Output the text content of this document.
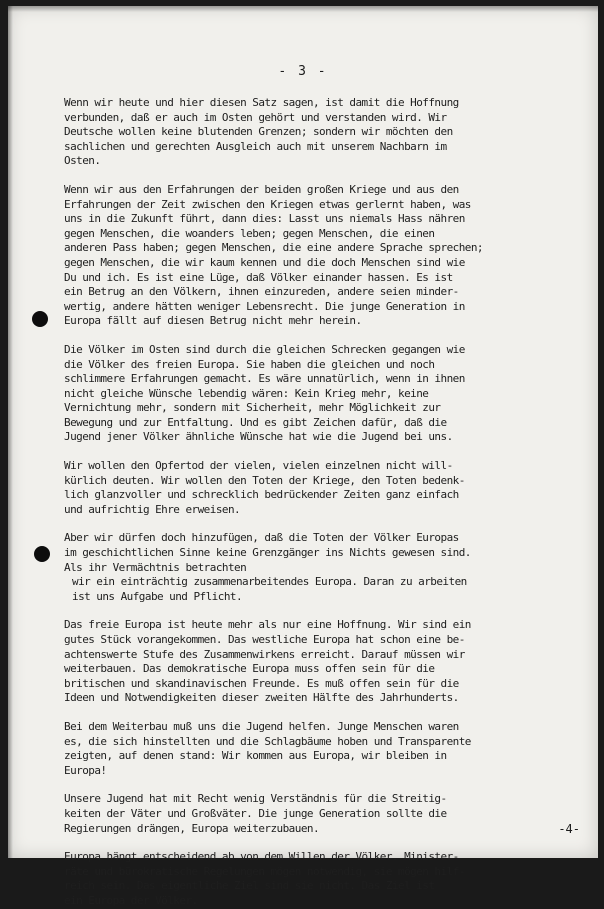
- 3 -
Wenn wir heute und hier diesen Satz sagen, ist damit die Hoffnung
verbunden, daß er auch im Osten gehört und verstanden wird. Wir
Deutsche wollen keine blutenden Grenzen; sondern wir möchten den
sachlichen und gerechten Ausgleich auch mit unserem Nachbarn im
Osten.
Wenn wir aus den Erfahrungen der beiden großen Kriege und aus den
Erfahrungen der Zeit zwischen den Kriegen etwas gerlernt haben, was
uns in die Zukunft führt, dann dies: Lasst uns niemals Hass nähren
gegen Menschen, die woanders leben; gegen Menschen, die einen
anderen Pass haben; gegen Menschen, die eine andere Sprache sprechen;
gegen Menschen, die wir kaum kennen und die doch Menschen sind wie
Du und ich. Es ist eine Lüge, daß Völker einander hassen. Es ist
ein Betrug an den Völkern, ihnen einzureden, andere seien minder-
wertig, andere hätten weniger Lebensrecht. Die junge Generation in
Europa fällt auf diesen Betrug nicht mehr herein.
Die Völker im Osten sind durch die gleichen Schrecken gegangen wie
die Völker des freien Europa. Sie haben die gleichen und noch
schlimmere Erfahrungen gemacht. Es wäre unnatürlich, wenn in ihnen
nicht gleiche Wünsche lebendig wären: Kein Krieg mehr, keine
Vernichtung mehr, sondern mit Sicherheit, mehr Möglichkeit zur
Bewegung und zur Entfaltung. Und es gibt Zeichen dafür, daß die
Jugend jener Völker ähnliche Wünsche hat wie die Jugend bei uns.
Wir wollen den Opfertod der vielen, vielen einzelnen nicht will-
kürlich deuten. Wir wollen den Toten der Kriege, den Toten bedenk-
lich glanzvoller und schrecklich bedrückender Zeiten ganz einfach
und aufrichtig Ehre erweisen.
Aber wir dürfen doch hinzufügen, daß die Toten der Völker Europas
im geschichtlichen Sinne keine Grenzgänger ins Nichts gewesen sind.
Als ihr Vermächtnis betrachten
wir ein einträchtig zusammenarbeitendes Europa. Daran zu arbeiten
ist uns Aufgabe und Pflicht.
Das freie Europa ist heute mehr als nur eine Hoffnung. Wir sind ein
gutes Stück vorangekommen. Das westliche Europa hat schon eine be-
achtenswerte Stufe des Zusammenwirkens erreicht. Darauf müssen wir
weiterbauen. Das demokratische Europa muss offen sein für die
britischen und skandinavischen Freunde. Es muß offen sein für die
Ideen und Notwendigkeiten dieser zweiten Hälfte des Jahrhunderts.
Bei dem Weiterbau muß uns die Jugend helfen. Junge Menschen waren
es, die sich hinstellten und die Schlagbäume hoben und Transparente
zeigten, auf denen stand: Wir kommen aus Europa, wir bleiben in
Europa!
Unsere Jugend hat mit Recht wenig Verständnis für die Streitig-
keiten der Väter und Großväter. Die junge Generation sollte die
Regierungen drängen, Europa weiterzubauen.
Europa hängt entscheidend ab von dem Willen der Völker. Minister-
räte und bürokratische Regelungen mögen notwendig, sie mögen hilf-
reich sein. Das eigentliche Ziel sind sie nicht. Das Ziel ist
ein Europa der Völker.
-4-
